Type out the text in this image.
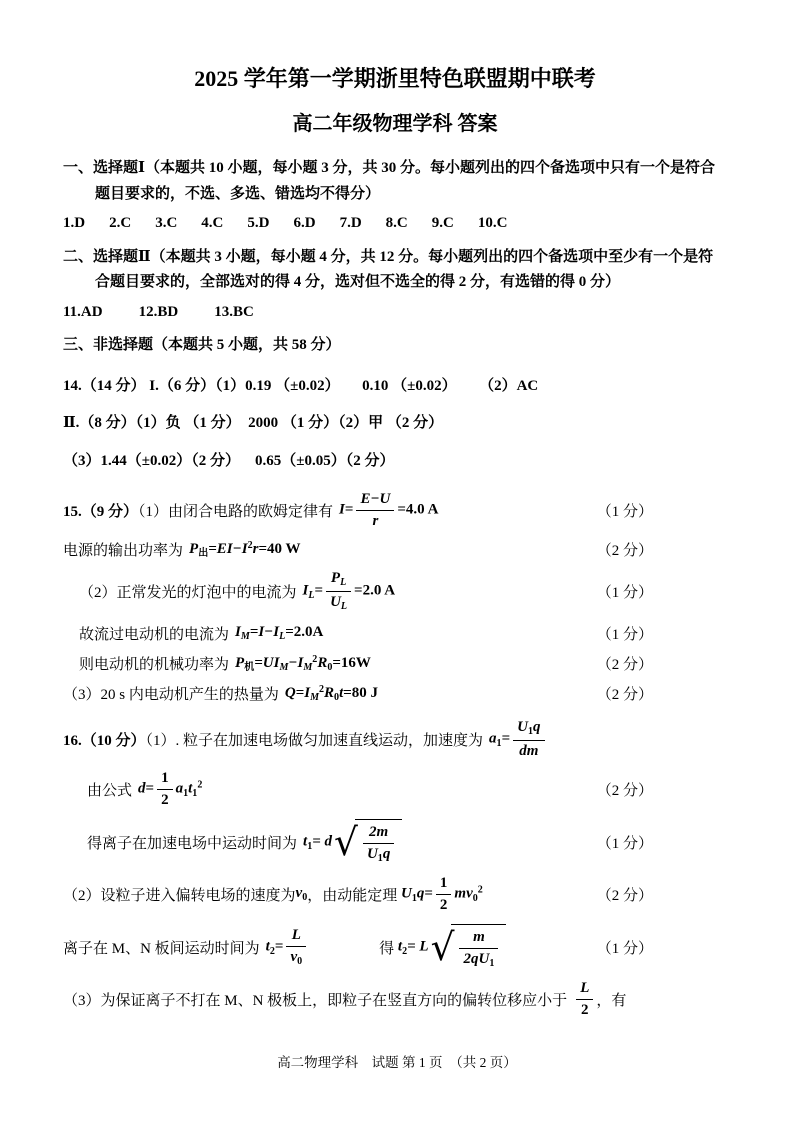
2025 学年第一学期浙里特色联盟期中联考
高二年级物理学科 答案

一、选择题Ⅰ（本题共 10 小题，每小题 3 分，共 30 分。每小题列出的四个备选项中只有一个是符合题目要求的，不选、多选、错选均不得分）

1.D 2.C 3.C 4.C 5.D 6.D 7.D 8.C 9.C 10.C

二、选择题Ⅱ（本题共 3 小题，每小题 4 分，共 12 分。每小题列出的四个备选项中至少有一个是符合题目要求的，全部选对的得 4 分，选对但不选全的得 2 分，有选错的得 0 分）

11.AD 12.BD 13.BC

三、非选择题（本题共 5 小题，共 58 分）

14.（14 分） I.（6 分）（1）0.19 （±0.02）      0.10 （±0.02）      （2）AC

Ⅱ.（8 分）（1）负 （1 分）  2000 （1 分）（2）甲 （2 分）

（3）1.44（±0.02）（2 分）    0.65（±0.05）（2 分）

15.（9 分）（1）由闭合电路的欧姆定律有 $I= \frac{E-U}{r} =4.0$ A	（1 分）
电源的输出功率为 $P_出=EI-I^2r=40$ W	（2 分）
（2）正常发光的灯泡中的电流为 $I_L= \frac{P_L}{U_L} =2.0$ A	（1 分）
故流过电动机的电流为 $I_M=I-I_L=2.0A$	（1 分）
则电动机的机械功率为 $P_机=UI_M-I_M^2R_0=16W$	（2 分）
（3）20 s 内电动机产生的热量为 $Q=I_M^2R_0t=80$ J	（2 分）
16.（10 分）（1）. 粒子在加速电场做匀加速直线运动，加速度为 $a_1= \frac{U_1q}{dm}$
由公式 $d= \frac{1}{2} a_1t_1^2$	（2 分）
得离子在加速电场中运动时间为 $t_1= d$ √ $\frac{2m}{U_1q}$	（1 分）
（2）设粒子进入偏转电场的速度为 $v_0$ ，由动能定理 $U_1q= \frac{1}{2} mv_0^2$	（2 分）
离子在 M、N 板间运动时间为 $t_2= \frac{L}{v_0}$	得 $t_2= L$ √ $\frac{m}{2qU_1}$	（1 分）
（3）为保证离子不打在 M、N 极板上，即粒子在竖直方向的偏转位移应小于 $\frac{L}{2}$ ，有
高二物理学科    试题 第 1 页  （共 2 页）
